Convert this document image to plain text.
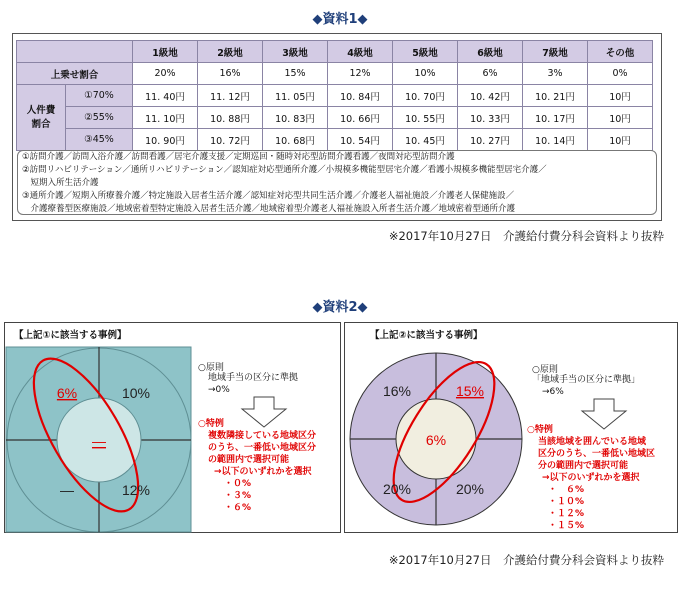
◆資料1◆
		1級地	2級地	3級地	4級地	5級地	6級地	7級地	その他
上乗せ割合		20%	16%	15%	12%	10%	6%	3%	0%
人件費割合	①70%	11. 40円	11. 12円	11. 05円	10. 84円	10. 70円	10. 42円	10. 21円	10円
	②55%	11. 10円	10. 88円	10. 83円	10. 66円	10. 55円	10. 33円	10. 17円	10円
	③45%	10. 90円	10. 72円	10. 68円	10. 54円	10. 45円	10. 27円	10. 14円	10円
①訪問介護／訪問入浴介護／訪問看護／居宅介護支援／定期巡回・随時対応型訪問介護看護／夜間対応型訪問介護
②訪問リハビリテーション／通所リハビリテーション／認知症対応型通所介護／小規模多機能型居宅介護／看護小規模多機能型居宅介護／
　短期入所生活介護
③通所介護／短期入所療養介護／特定施設入居者生活介護／認知症対応型共同生活介護／介護老人福祉施設／介護老人保健施設／
　介護療養型医療施設／地域密着型特定施設入居者生活介護／地域密着型介護老人福祉施設入所者生活介護／地域密着型通所介護
※2017年10月27日　介護給付費分科会資料より抜粋
◆資料2◆
【上記①に該当する事例】
6%	10%
―	12%
―
○原則
地域手当の区分に準拠
→0%
○特例
複数隣接している地域区分
のうち、一番低い地域区分
の範囲内で選択可能
→以下のいずれかを選択
・０%
・３%
・６%
【上記②に該当する事例】
16%	15%
20%	20%
6%
○原則
「地域手当の区分に準拠」
→6%
○特例
当該地域を囲んでいる地域
区分のうち、一番低い地域区
分の範囲内で選択可能
→以下のいずれかを選択
・　６%
・１０%
・１２%
・１５%
※2017年10月27日　介護給付費分科会資料より抜粋
